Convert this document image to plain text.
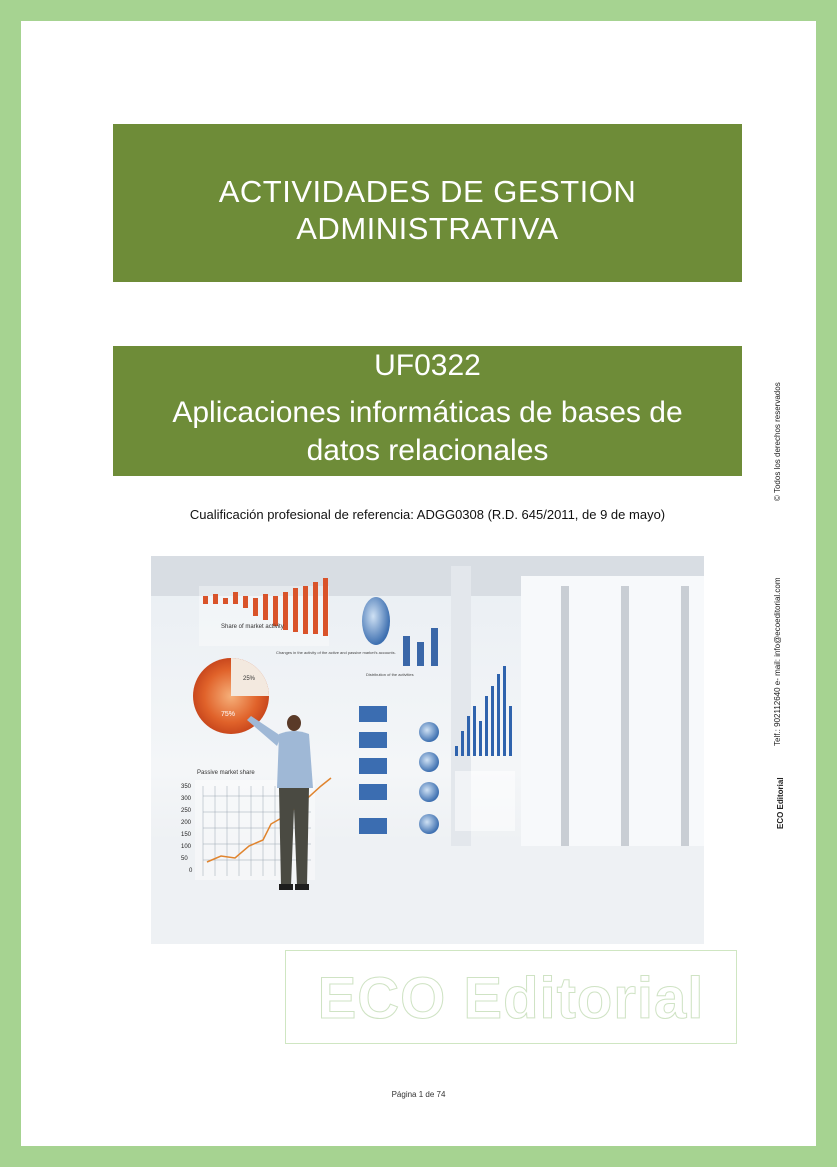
ACTIVIDADES DE GESTION
ADMINISTRATIVA
UF0322
Aplicaciones informáticas de bases de
datos relacionales
Cualificación profesional de referencia: ADGG0308 (R.D. 645/2011, de 9 de mayo)
Share of market activity
25%
75%
Changes in the activity of the active and passive market's accounts.
Passive market share
350
300
250
200
150
100
50
0
Distribution of the activities
ECO Editorial
© Todos los derechos reservados
Telf.: 902112640 e- mail: info@ecoeditorial.com
ECO Editorial
Página 1 de 74
